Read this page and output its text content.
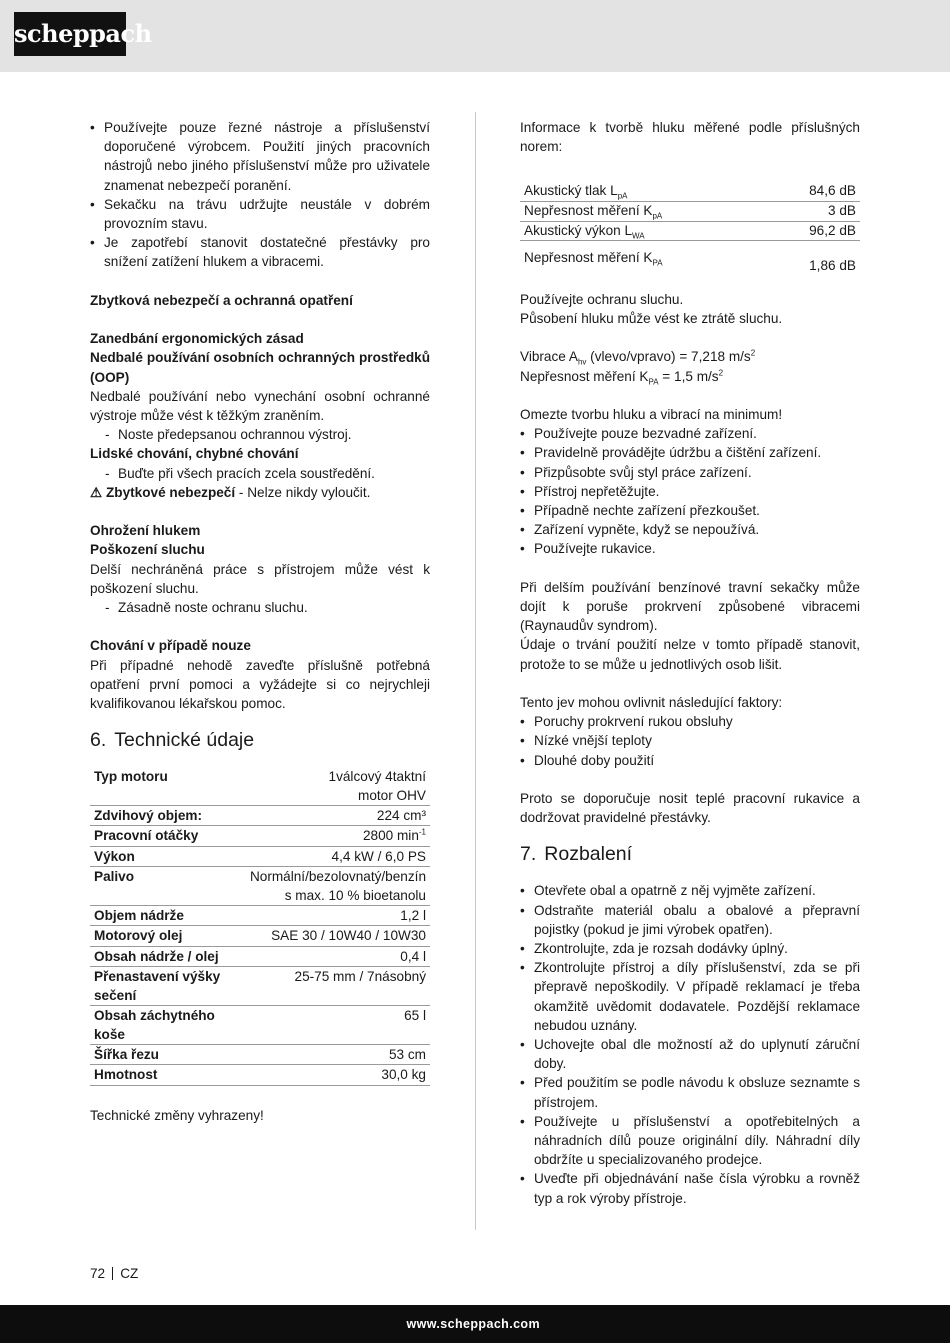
scheppach
• Používejte pouze řezné nástroje a příslušenství doporučené výrobcem. Použití jiných pracovních nástrojů nebo jiného příslušenství může pro uživatele znamenat nebezpečí poranění.
• Sekačku na trávu udržujte neustále v dobrém provozním stavu.
• Je zapotřebí stanovit dostatečné přestávky pro snížení zatížení hlukem a vibracemi.
Zbytková nebezpečí a ochranná opatření
Zanedbání ergonomických zásad
Nedbalé používání osobních ochranných prostředků (OOP)

Nedbalé používání nebo vynechání osobní ochranné výstroje může vést k těžkým zraněním.

- Noste předepsanou ochrannou výstroj.
Lidské chování, chybné chování
- Buďte při všech pracích zcela soustředění.
⚠ Zbytkové nebezpečí - Nelze nikdy vyloučit.
Ohrožení hlukem
Poškození sluchu

Delší nechráněná práce s přístrojem může vést k poškození sluchu.

- Zásadně noste ochranu sluchu.
Chování v případě nouze

Při případné nehodě zaveďte příslušně potřebná opatření první pomoci a vyžádejte si co nejrychleji kvalifikovanou lékařskou pomoc.

6. Technické údaje
Typ motoru	1válcový 4taktní motor OHV
Zdvihový objem:	224 cm³
Pracovní otáčky	2800 $\min^{-1}$
Výkon	4,4 kW / 6,0 PS
Palivo	Normální/bezolovnatý/benzín s max. 10 % bioetanolu
Objem nádrže	1,2 l
Motorový olej	SAE 30 / 10W40 / 10W30
Obsah nádrže / olej	0,4 l
Přenastavení výšky sečení	25-75 mm / 7násobný
Obsah záchytného koše	65 l
Šířka řezu	53 cm
Hmotnost	30,0 kg

Technické změny vyhrazeny!

Informace k tvorbě hluku měřené podle příslušných norem:

Akustický tlak $L_{pA}$	84,6 dB
Nepřesnost měření $K_{pA}$	3 dB
Akustický výkon $L_{WA}$	96,2 dB
Nepřesnost měření $K_{PA}$	1,86 dB

Používejte ochranu sluchu.

Působení hluku může vést ke ztrátě sluchu.

Vibrace $A_{hv}$ (vlevo/vpravo) = 7,218 $m/s^2$
Nepřesnost měření $K_{PA} = 1,5$ $m/s^2$

Omezte tvorbu hluku a vibrací na minimum!

• Používejte pouze bezvadné zařízení.
• Pravidelně provádějte údržbu a čištění zařízení.
• Přizpůsobte svůj styl práce zařízení.
• Přístroj nepřetěžujte.
• Případně nechte zařízení přezkoušet.
• Zařízení vypněte, když se nepoužívá.
• Používejte rukavice.

Při delším používání benzínové travní sekačky může dojít k poruše prokrvení způsobené vibracemi (Raynaudův syndrom).

Údaje o trvání použití nelze v tomto případě stanovit, protože to se může u jednotlivých osob lišit.

Tento jev mohou ovlivnit následující faktory:

• Poruchy prokrvení rukou obsluhy
• Nízké vnější teploty
• Dlouhé doby použití

Proto se doporučuje nosit teplé pracovní rukavice a dodržovat pravidelné přestávky.

7. Rozbalení
• Otevřete obal a opatrně z něj vyjměte zařízení.
• Odstraňte materiál obalu a obalové a přepravní pojistky (pokud je jimi výrobek opatřen).
• Zkontrolujte, zda je rozsah dodávky úplný.
• Zkontrolujte přístroj a díly příslušenství, zda se při přepravě nepoškodily. V případě reklamací je třeba okamžitě uvědomit dodavatele. Pozdější reklamace nebudou uznány.
• Uchovejte obal dle možností až do uplynutí záruční doby.
• Před použitím se podle návodu k obsluze seznamte s přístrojem.
• Používejte u příslušenství a opotřebitelných a náhradních dílů pouze originální díly. Náhradní díly obdržíte u specializovaného prodejce.
• Uveďte při objednávání naše čísla výrobku a rovněž typ a rok výroby přístroje.
72 CZ
www.scheppach.com
